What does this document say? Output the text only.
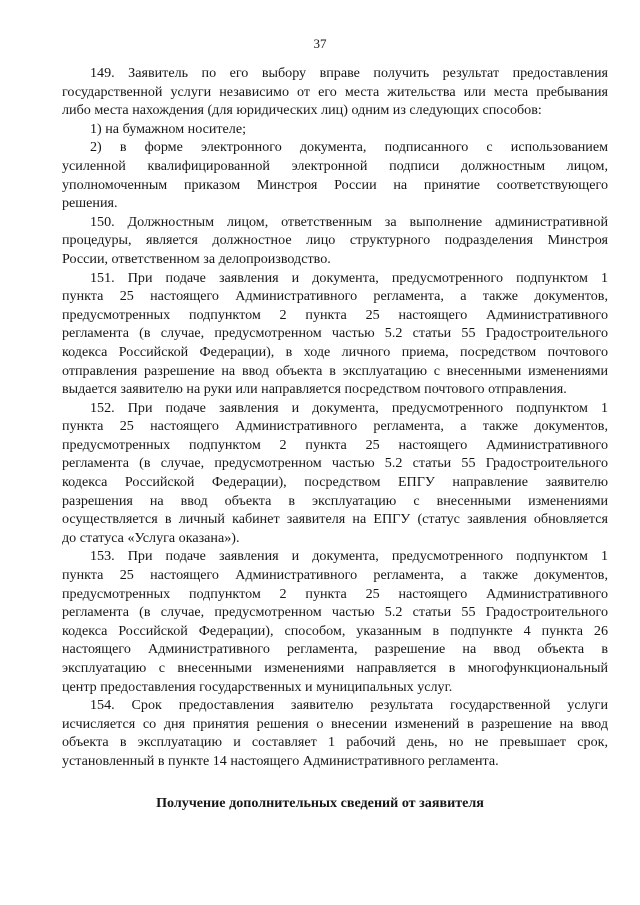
37

149. Заявитель по его выбору вправе получить результат предоставления
государственной услуги независимо от его места жительства или места пребывания
либо места нахождения (для юридических лиц) одним из следующих способов:

1) на бумажном носителе;

2) в форме электронного документа, подписанного с использованием
усиленной квалифицированной электронной подписи должностным лицом,
уполномоченным приказом Минстроя России на принятие соответствующего
решения.

150. Должностным лицом, ответственным за выполнение административной
процедуры, является должностное лицо структурного подразделения Минстроя
России, ответственном за делопроизводство.

151. При подаче заявления и документа, предусмотренного подпунктом 1
пункта 25 настоящего Административного регламента, а также документов,
предусмотренных подпунктом 2 пункта 25 настоящего Административного
регламента (в случае, предусмотренном частью 5.2 статьи 55 Градостроительного
кодекса Российской Федерации), в ходе личного приема, посредством почтового
отправления разрешение на ввод объекта в эксплуатацию с внесенными изменениями
выдается заявителю на руки или направляется посредством почтового отправления.

152. При подаче заявления и документа, предусмотренного подпунктом 1
пункта 25 настоящего Административного регламента, а также документов,
предусмотренных подпунктом 2 пункта 25 настоящего Административного
регламента (в случае, предусмотренном частью 5.2 статьи 55 Градостроительного
кодекса Российской Федерации), посредством ЕПГУ направление заявителю
разрешения на ввод объекта в эксплуатацию с внесенными изменениями
осуществляется в личный кабинет заявителя на ЕПГУ (статус заявления обновляется
до статуса «Услуга оказана»).

153. При подаче заявления и документа, предусмотренного подпунктом 1
пункта 25 настоящего Административного регламента, а также документов,
предусмотренных подпунктом 2 пункта 25 настоящего Административного
регламента (в случае, предусмотренном частью 5.2 статьи 55 Градостроительного
кодекса Российской Федерации), способом, указанным в подпункте 4 пункта 26
настоящего Административного регламента, разрешение на ввод объекта в
эксплуатацию с внесенными изменениями направляется в многофункциональный
центр предоставления государственных и муниципальных услуг.

154. Срок предоставления заявителю результата государственной услуги
исчисляется со дня принятия решения о внесении изменений в разрешение на ввод
объекта в эксплуатацию и составляет 1 рабочий день, но не превышает срок,
установленный в пункте 14 настоящего Административного регламента.

Получение дополнительных сведений от заявителя
